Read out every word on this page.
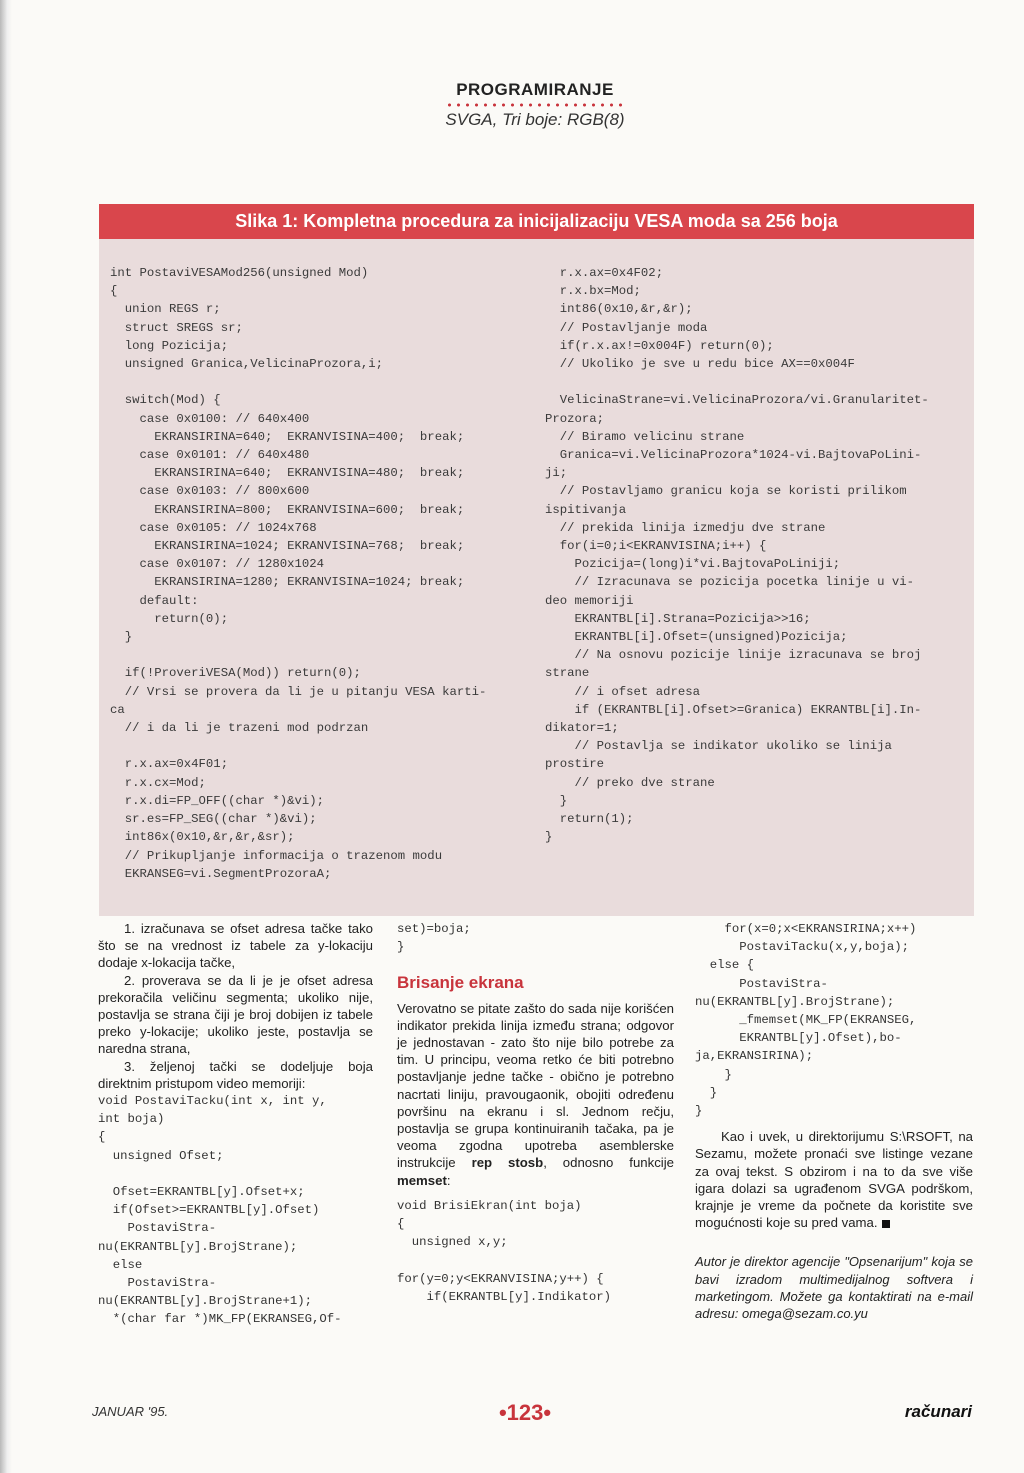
PROGRAMIRANJE
SVGA, Tri boje: RGB(8)
Slika 1: Kompletna procedura za inicijalizaciju VESA moda sa 256 boja
int PostaviVESAMod256(unsigned Mod)
{
union REGS r;
struct SREGS sr;
long Pozicija;
unsigned Granica,VelicinaProzora,i;

switch(Mod) {
case 0x0100: // 640x400
EKRANSIRINA=640;  EKRANVISINA=400;  break;
case 0x0101: // 640x480
EKRANSIRINA=640;  EKRANVISINA=480;  break;
case 0x0103: // 800x600
EKRANSIRINA=800;  EKRANVISINA=600;  break;
case 0x0105: // 1024x768
EKRANSIRINA=1024; EKRANVISINA=768;  break;
case 0x0107: // 1280x1024
EKRANSIRINA=1280; EKRANVISINA=1024; break;
default:
return(0);
}

if(!ProveriVESA(Mod)) return(0);
// Vrsi se provera da li je u pitanju VESA karti-
ca
// i da li je trazeni mod podrzan

r.x.ax=0x4F01;
r.x.cx=Mod;
r.x.di=FP_OFF((char *)&vi);
sr.es=FP_SEG((char *)&vi);
int86x(0x10,&r,&r,&sr);
// Prikupljanje informacija o trazenom modu
EKRANSEG=vi.SegmentProzoraA;
r.x.ax=0x4F02;
r.x.bx=Mod;
int86(0x10,&r,&r);
// Postavljanje moda
if(r.x.ax!=0x004F) return(0);
// Ukoliko je sve u redu bice AX==0x004F

VelicinaStrane=vi.VelicinaProzora/vi.Granularitet-
Prozora;
// Biramo velicinu strane
Granica=vi.VelicinaProzora*1024-vi.BajtovaPoLini-
ji;
// Postavljamo granicu koja se koristi prilikom
ispitivanja
// prekida linija izmedju dve strane
for(i=0;i<EKRANVISINA;i++) {
Pozicija=(long)i*vi.BajtovaPoLiniji;
// Izracunava se pozicija pocetka linije u vi-
deo memoriji
EKRANTBL[i].Strana=Pozicija>>16;
EKRANTBL[i].Ofset=(unsigned)Pozicija;
// Na osnovu pozicije linije izracunava se broj
strane
// i ofset adresa
if (EKRANTBL[i].Ofset>=Granica) EKRANTBL[i].In-
dikator=1;
// Postavlja se indikator ukoliko se linija
prostire
// preko dve strane
}
return(1);
}

1. izračunava se ofset adresa tačke tako što se na vrednost iz tabele za y-lokaciju dodaje x-lokacija tačke,

2. proverava se da li je je ofset adresa prekoračila veličinu segmenta; ukoliko nije, postavlja se strana čiji je broj dobijen iz tabele preko y-lokacije; ukoliko jeste, postavlja se naredna strana,

3. željenoj tački se dodeljuje boja direktnim pristupom video memoriji:

void PostaviTacku(int x, int y,
int boja)
{
unsigned Ofset;

Ofset=EKRANTBL[y].Ofset+x;
if(Ofset>=EKRANTBL[y].Ofset)
PostaviStra-
nu(EKRANTBL[y].BrojStrane);
else
PostaviStra-
nu(EKRANTBL[y].BrojStrane+1);
*(char far *)MK_FP(EKRANSEG,Of-
set)=boja;
}
Brisanje ekrana

Verovatno se pitate zašto do sada nije korišćen indikator prekida linija između strana; odgovor je jednostavan - zato što nije bilo potrebe za tim. U principu, veoma retko će biti potrebno postavljanje jedne tačke - obično je potrebno nacrtati liniju, pravougaonik, obojiti određenu površinu na ekranu i sl. Jednom rečju, postavlja se grupa kontinuiranih tačaka, pa je veoma zgodna upotreba asemblerske instrukcije rep stosb, odnosno funkcije memset:

void BrisiEkran(int boja)
{
unsigned x,y;

for(y=0;y<EKRANVISINA;y++) {
if(EKRANTBL[y].Indikator)
for(x=0;x<EKRANSIRINA;x++)
PostaviTacku(x,y,boja);
else {
PostaviStra-
nu(EKRANTBL[y].BrojStrane);
_fmemset(MK_FP(EKRANSEG,
EKRANTBL[y].Ofset),bo-
ja,EKRANSIRINA);
}
}
}

Kao i uvek, u direktorijumu S:\RSOFT, na Sezamu, možete pronaći sve listinge vezane za ovaj tekst. S obzirom i na to da sve više igara dolazi sa ugrađenom SVGA podrškom, krajnje je vreme da počnete da koristite sve mogućnosti koje su pred vama.

Autor je direktor agencije "Opsenarijum" koja se bavi izradom multimedijalnog softvera i marketingom. Možete ga kontaktirati na e-mail adresu: omega@sezam.co.yu

JANUAR '95.	•123•	računari
